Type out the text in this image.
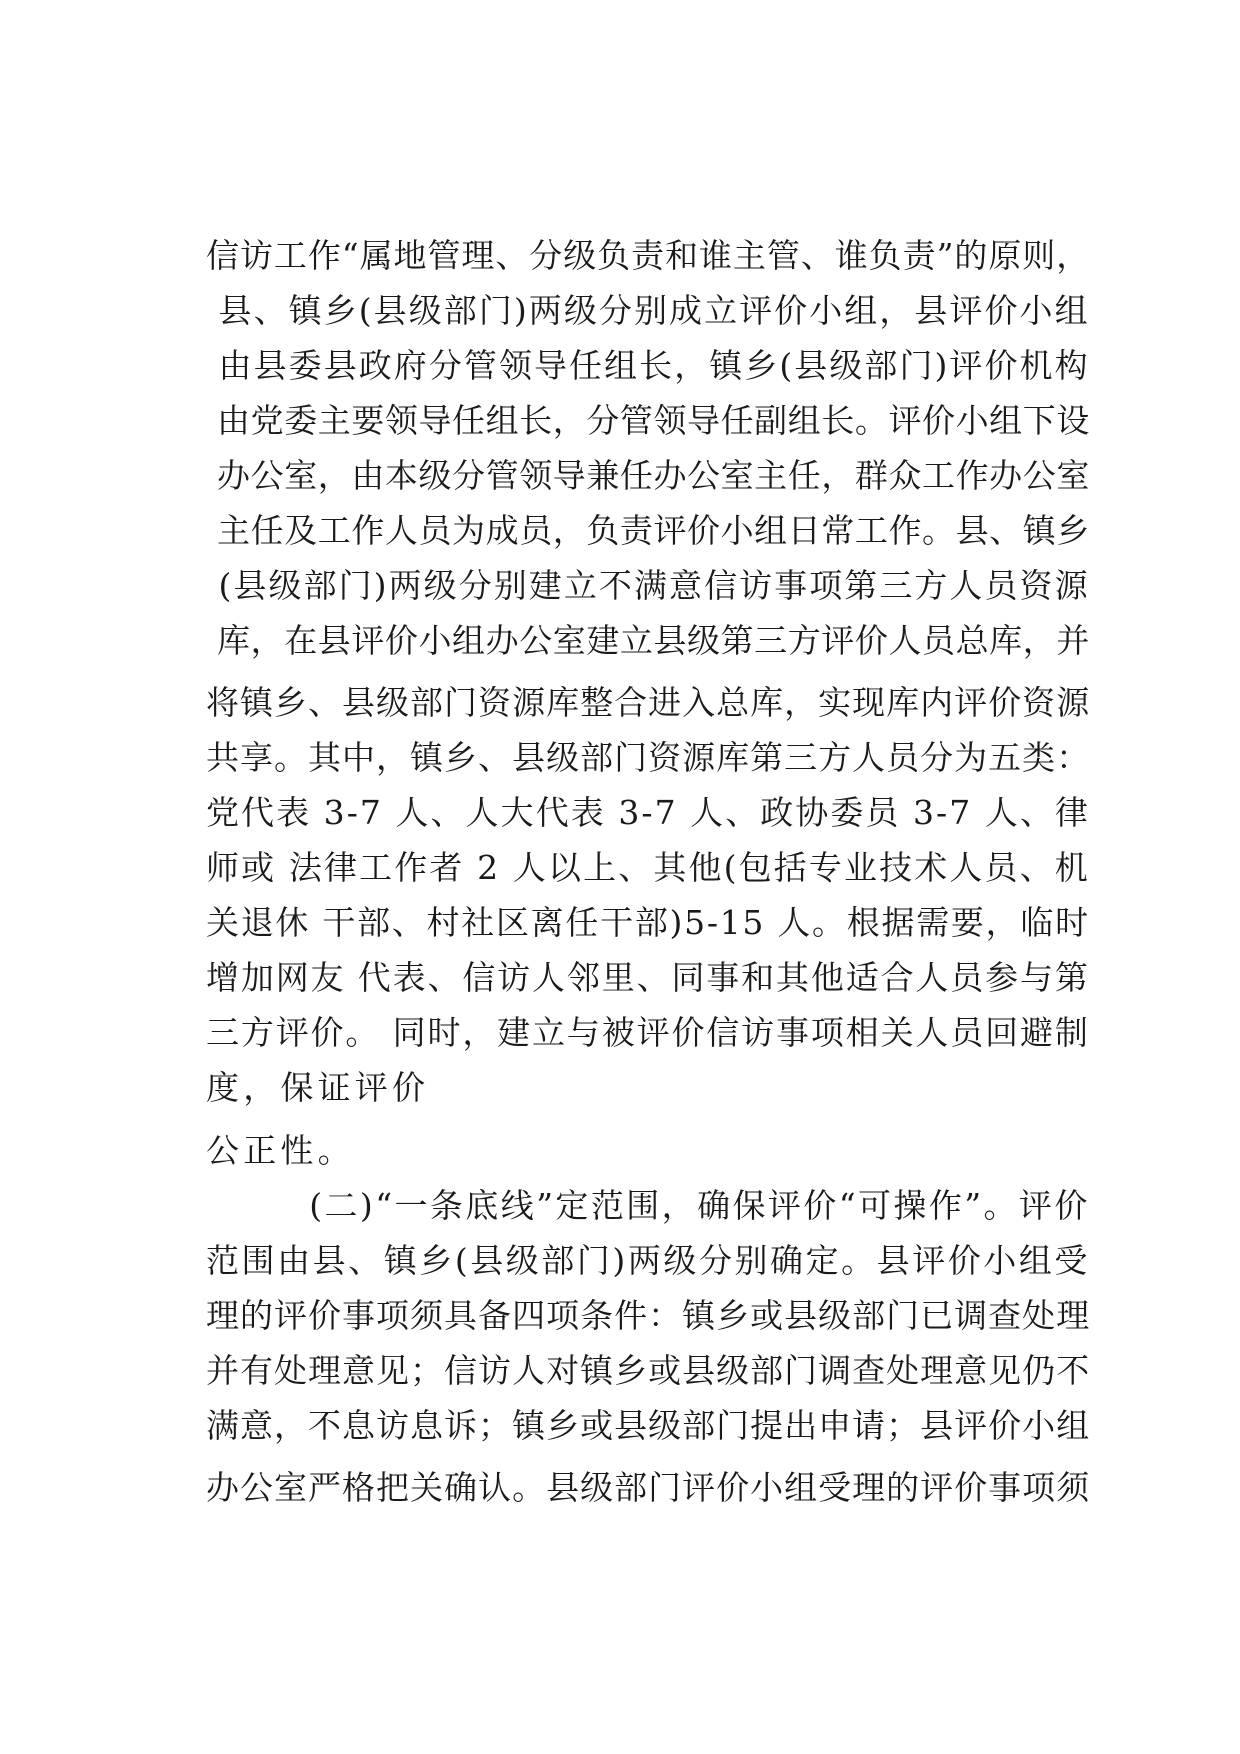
信访工作“属地管理、分级负责和谁主管、谁负责”的原则，
县、镇乡(县级部门)两级分别成立评价小组，县评价小组
由县委县政府分管领导任组长，镇乡(县级部门)评价机构
由党委主要领导任组长，分管领导任副组长。评价小组下设
办公室，由本级分管领导兼任办公室主任，群众工作办公室
主任及工作人员为成员，负责评价小组日常工作。县、镇乡
(县级部门)两级分别建立不满意信访事项第三方人员资源
库，在县评价小组办公室建立县级第三方评价人员总库，并
将镇乡、县级部门资源库整合进入总库，实现库内评价资源
共享。其中，镇乡、县级部门资源库第三方人员分为五类：
党代表 3-7 人、人大代表 3-7 人、政协委员 3-7 人、律
师或 法律工作者 2 人以上、其他(包括专业技术人员、机
关退休 干部、村社区离任干部)5-15 人。根据需要，临时
增加网友 代表、信访人邻里、同事和其他适合人员参与第
三方评价。 同时，建立与被评价信访事项相关人员回避制
度，保证评价
公正性。
(二)“一条底线”定范围，确保评价“可操作”。评价
范围由县、镇乡(县级部门)两级分别确定。县评价小组受
理的评价事项须具备四项条件：镇乡或县级部门已调查处理
并有处理意见；信访人对镇乡或县级部门调查处理意见仍不
满意，不息访息诉；镇乡或县级部门提出申请；县评价小组
办公室严格把关确认。县级部门评价小组受理的评价事项须
